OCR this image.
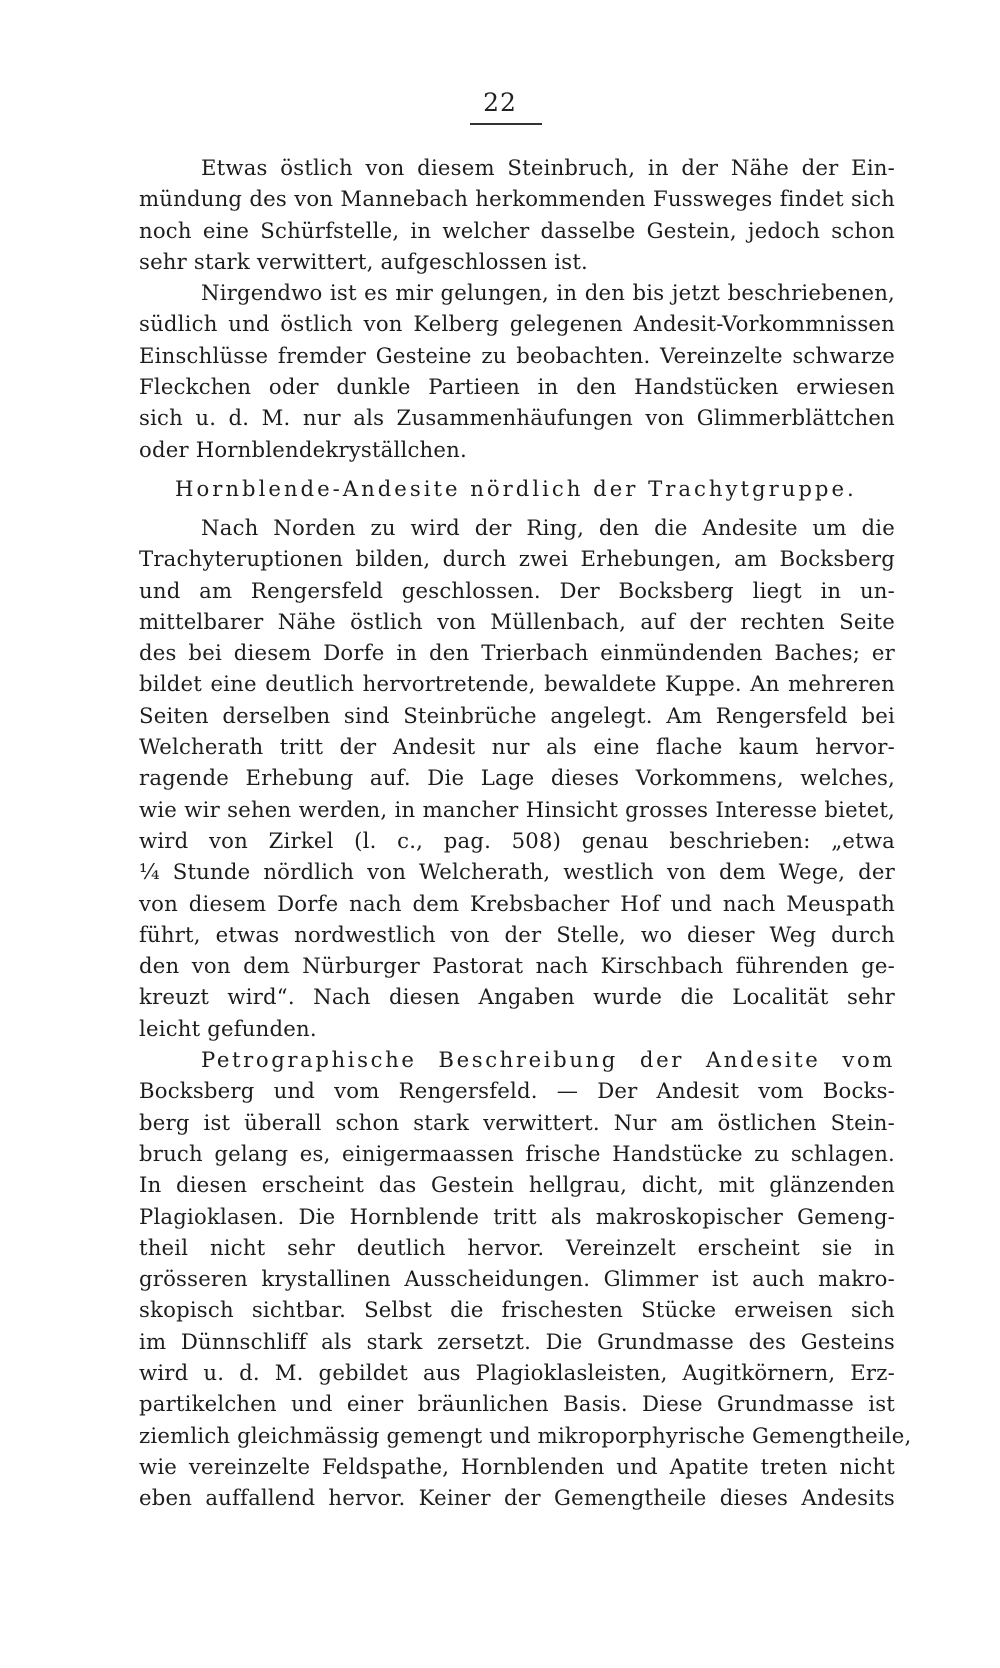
22
Etwas östlich von diesem Steinbruch, in der Nähe der Ein-
mündung des von Mannebach herkommenden Fussweges findet sich
noch eine Schürfstelle, in welcher dasselbe Gestein, jedoch schon
sehr stark verwittert, aufgeschlossen ist.
Nirgendwo ist es mir gelungen, in den bis jetzt beschriebenen,
südlich und östlich von Kelberg gelegenen Andesit-Vorkommnissen
Einschlüsse fremder Gesteine zu beobachten. Vereinzelte schwarze
Fleckchen oder dunkle Partieen in den Handstücken erwiesen
sich u. d. M. nur als Zusammenhäufungen von Glimmerblättchen
oder Hornblendekryställchen.
Hornblende-Andesite nördlich der Trachytgruppe.
Nach Norden zu wird der Ring, den die Andesite um die
Trachyteruptionen bilden, durch zwei Erhebungen, am Bocksberg
und am Rengersfeld geschlossen. Der Bocksberg liegt in un-
mittelbarer Nähe östlich von Müllenbach, auf der rechten Seite
des bei diesem Dorfe in den Trierbach einmündenden Baches; er
bildet eine deutlich hervortretende, bewaldete Kuppe. An mehreren
Seiten derselben sind Steinbrüche angelegt. Am Rengersfeld bei
Welcherath tritt der Andesit nur als eine flache kaum hervor-
ragende Erhebung auf. Die Lage dieses Vorkommens, welches,
wie wir sehen werden, in mancher Hinsicht grosses Interesse bietet,
wird von Zirkel (l. c., pag. 508) genau beschrieben: „etwa
¼ Stunde nördlich von Welcherath, westlich von dem Wege, der
von diesem Dorfe nach dem Krebsbacher Hof und nach Meuspath
führt, etwas nordwestlich von der Stelle, wo dieser Weg durch
den von dem Nürburger Pastorat nach Kirschbach führenden ge-
kreuzt wird“. Nach diesen Angaben wurde die Localität sehr
leicht gefunden.
Petrographische Beschreibung der Andesite vom
Bocksberg und vom Rengersfeld. — Der Andesit vom Bocks-
berg ist überall schon stark verwittert. Nur am östlichen Stein-
bruch gelang es, einigermaassen frische Handstücke zu schlagen.
In diesen erscheint das Gestein hellgrau, dicht, mit glänzenden
Plagioklasen. Die Hornblende tritt als makroskopischer Gemeng-
theil nicht sehr deutlich hervor. Vereinzelt erscheint sie in
grösseren krystallinen Ausscheidungen. Glimmer ist auch makro-
skopisch sichtbar. Selbst die frischesten Stücke erweisen sich
im Dünnschliff als stark zersetzt. Die Grundmasse des Gesteins
wird u. d. M. gebildet aus Plagioklasleisten, Augitkörnern, Erz-
partikelchen und einer bräunlichen Basis. Diese Grundmasse ist
ziemlich gleichmässig gemengt und mikroporphyrische Gemengtheile,
wie vereinzelte Feldspathe, Hornblenden und Apatite treten nicht
eben auffallend hervor. Keiner der Gemengtheile dieses Andesits
